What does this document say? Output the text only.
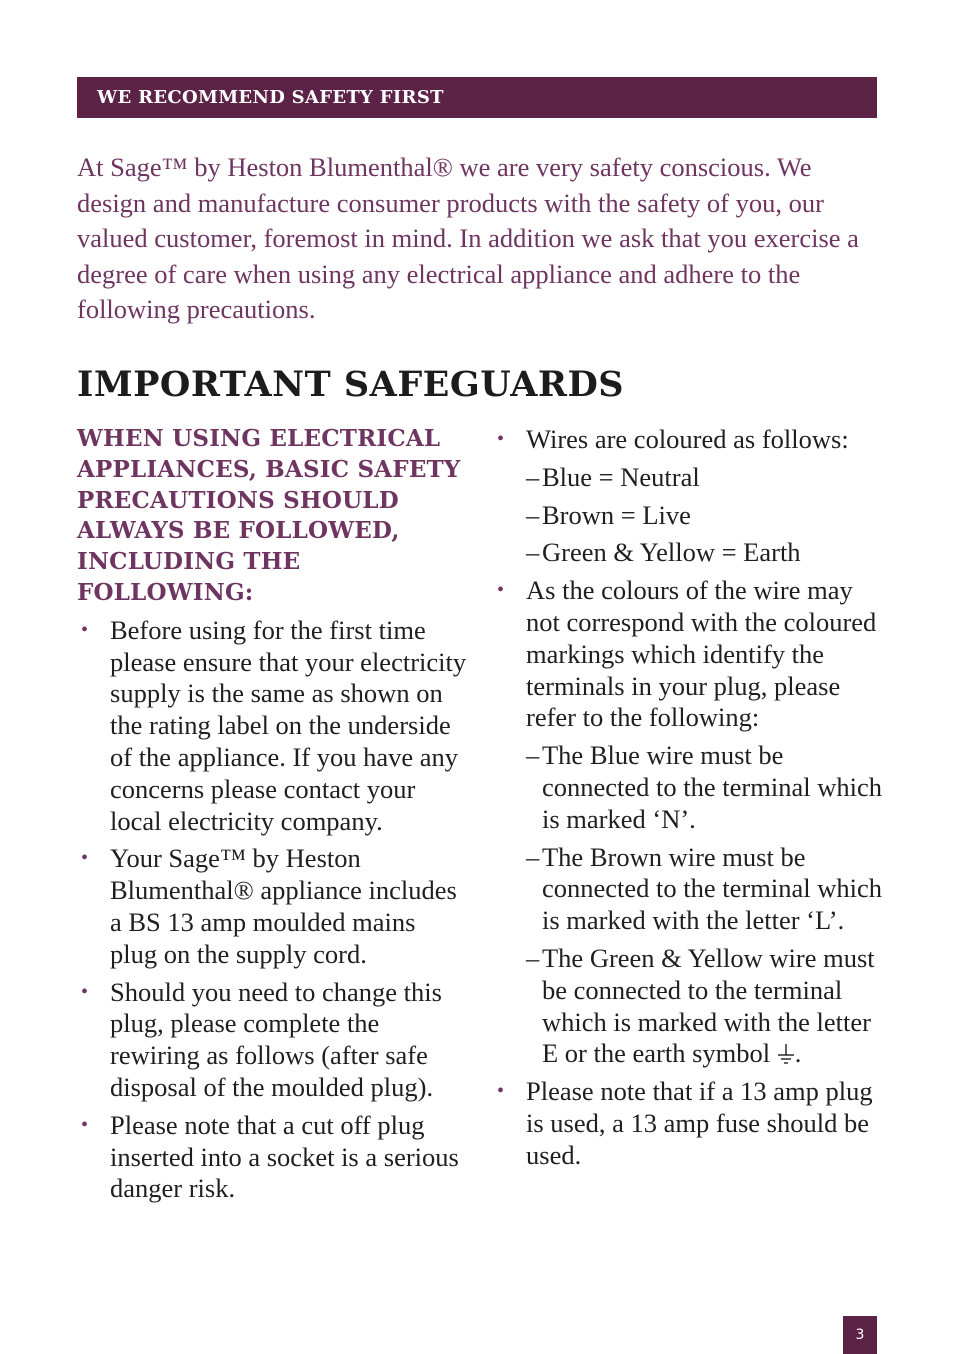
WE RECOMMEND SAFETY FIRST

At Sage™ by Heston Blumenthal® we are very safety conscious. We design and manufacture consumer products with the safety of you, our valued customer, foremost in mind. In addition we ask that you exercise a degree of care when using any electrical appliance and adhere to the following precautions.

IMPORTANT SAFEGUARDS
WHEN USING ELECTRICAL APPLIANCES, BASIC SAFETY PRECAUTIONS SHOULD ALWAYS BE FOLLOWED, INCLUDING THE FOLLOWING:
• Before using for the first time please ensure that your electricity supply is the same as shown on the rating label on the underside of the appliance. If you have any concerns please contact your local electricity company.
• Your Sage™ by Heston Blumenthal® appliance includes a BS 13 amp moulded mains plug on the supply cord.
• Should you need to change this plug, please complete the rewiring as follows (after safe disposal of the moulded plug).
• Please note that a cut off plug inserted into a socket is a serious danger risk.
• Wires are coloured as follows:
– Blue = Neutral
– Brown = Live
– Green & Yellow = Earth
• As the colours of the wire may not correspond with the coloured markings which identify the terminals in your plug, please refer to the following:
– The Blue wire must be connected to the terminal which is marked ‘N’.
– The Brown wire must be connected to the terminal which is marked with the letter ‘L’.
– The Green & Yellow wire must be connected to the terminal which is marked with the letter E or the earth symbol .
• Please note that if a 13 amp plug is used, a 13 amp fuse should be used.
3
